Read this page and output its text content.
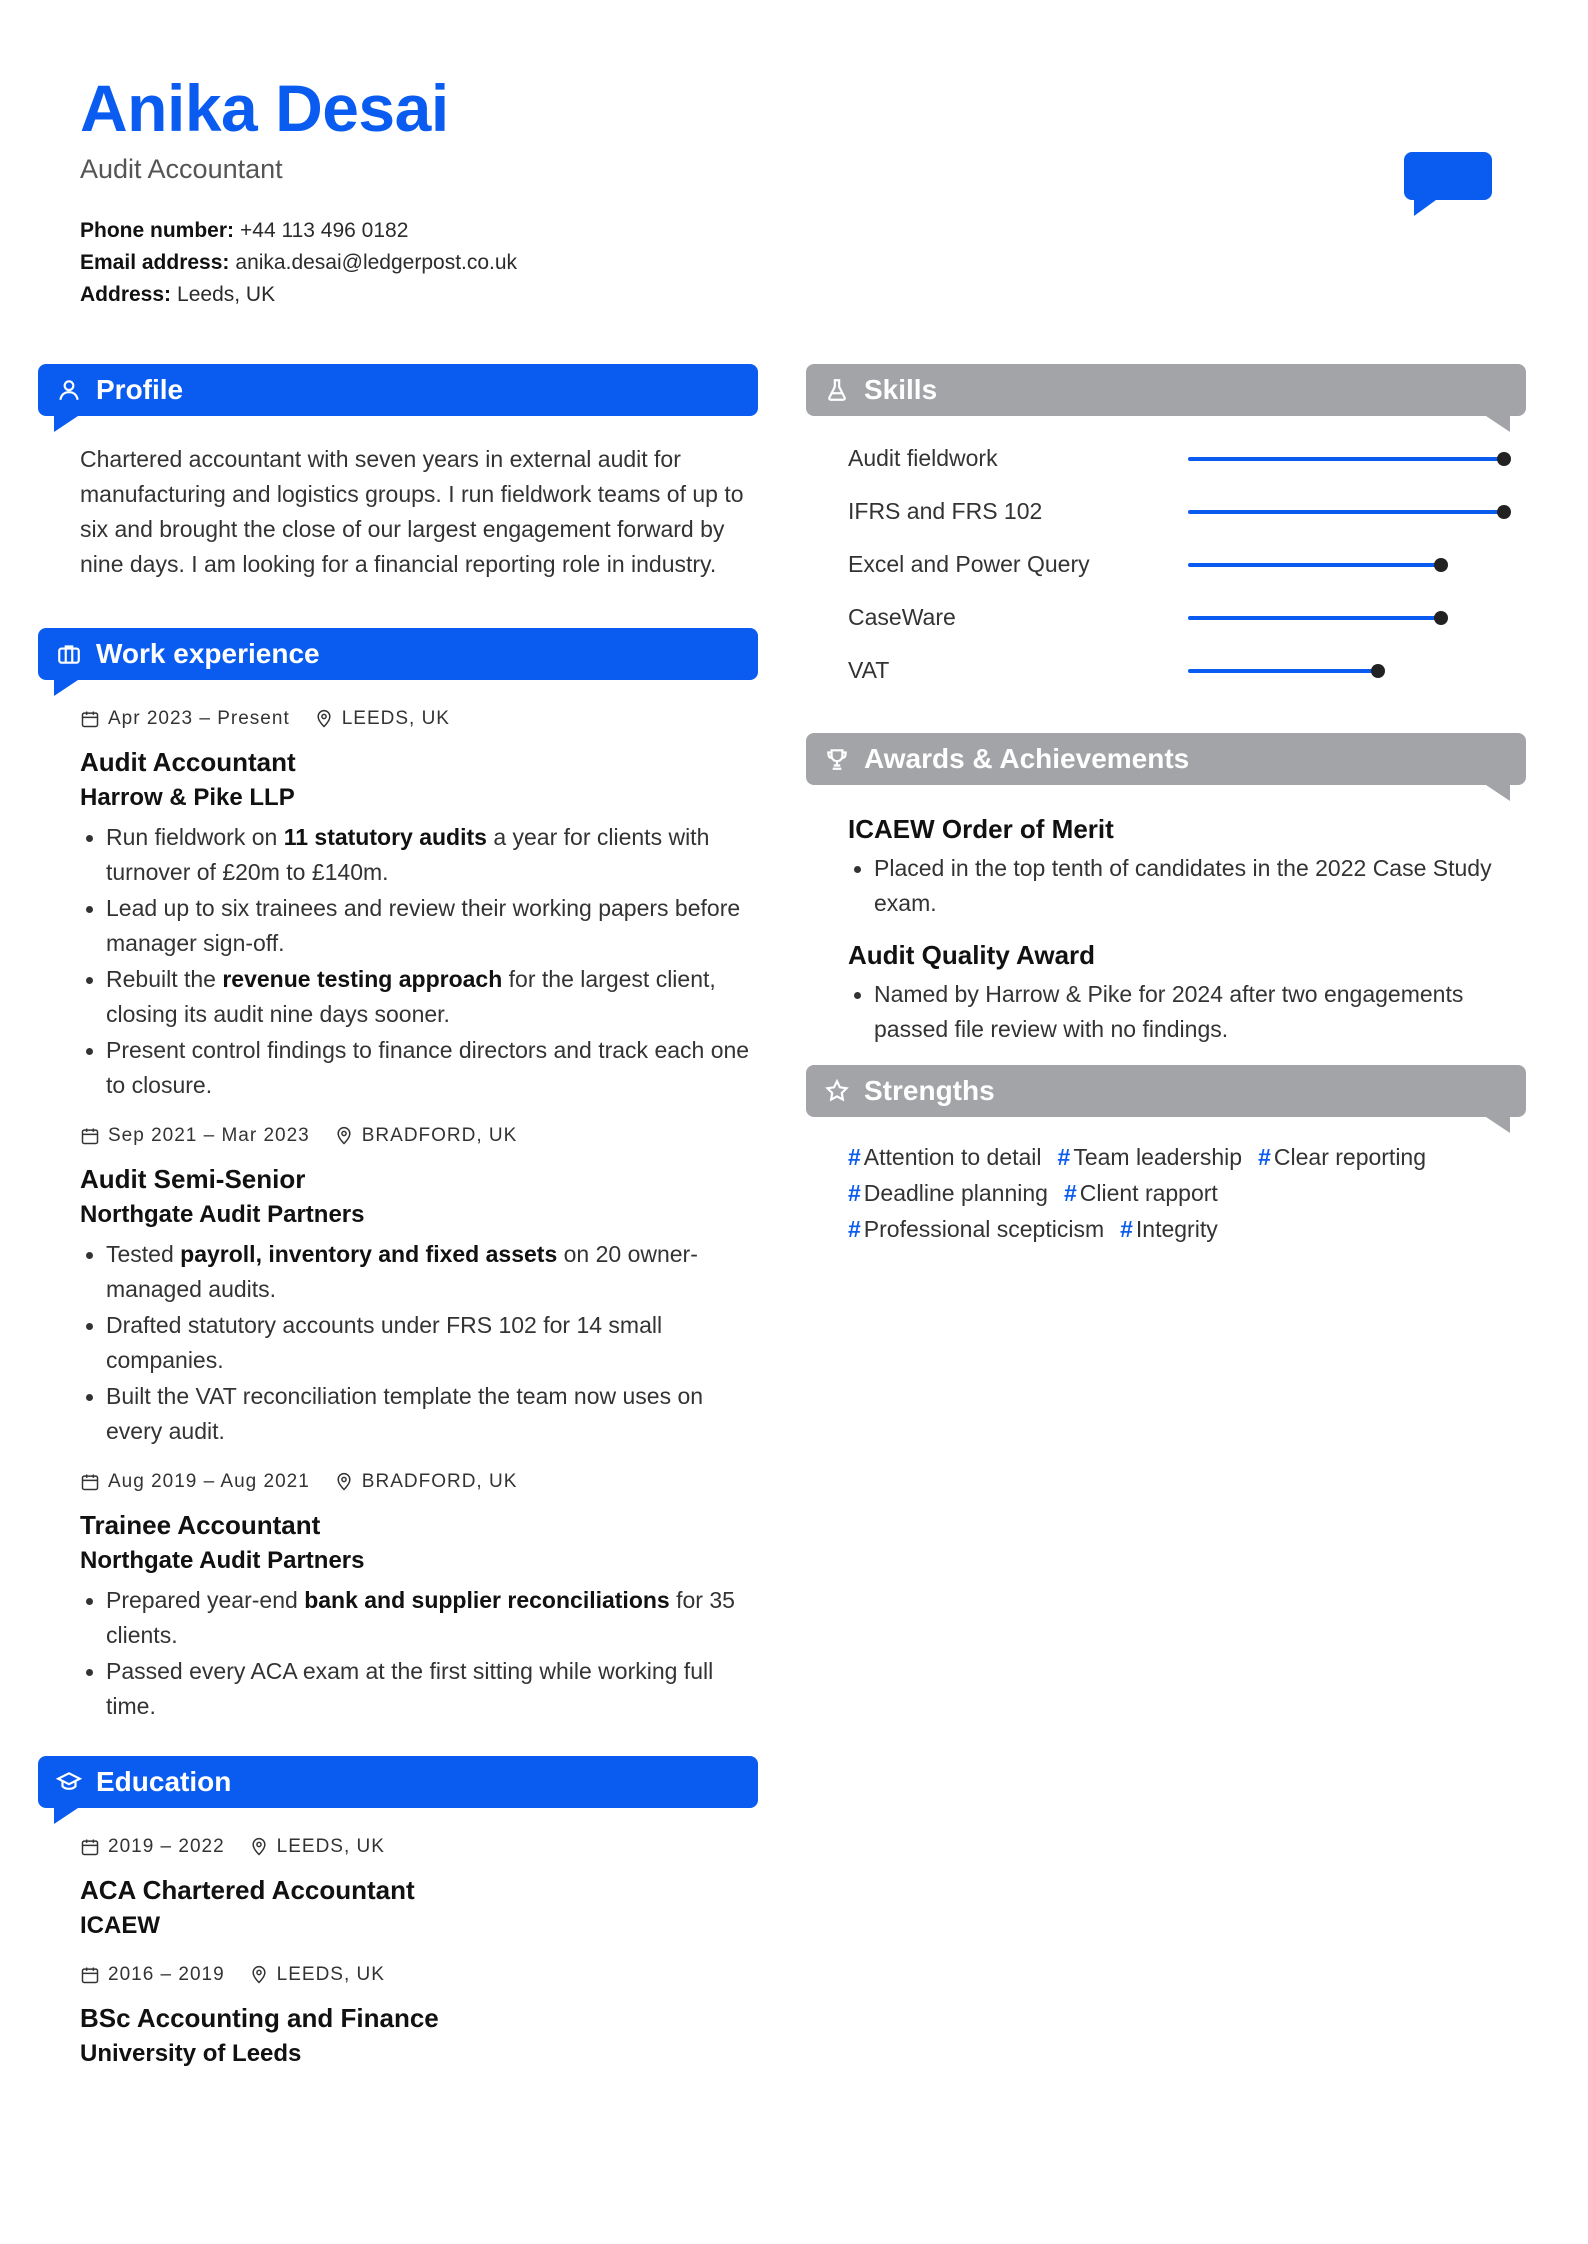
Anika Desai
Audit Accountant
Phone number: +44 113 496 0182
Email address: anika.desai@ledgerpost.co.uk
Address: Leeds, UK
Profile
Chartered accountant with seven years in external audit for manufacturing and logistics groups. I run fieldwork teams of up to six and brought the close of our largest engagement forward by nine days. I am looking for a financial reporting role in industry.
Work experience
Apr 2023 – Present	LEEDS, UK
Audit Accountant
Harrow & Pike LLP
Run fieldwork on 11 statutory audits a year for clients with turnover of £20m to £140m.
Lead up to six trainees and review their working papers before manager sign-off.
Rebuilt the revenue testing approach for the largest client, closing its audit nine days sooner.
Present control findings to finance directors and track each one to closure.
Sep 2021 – Mar 2023	BRADFORD, UK
Audit Semi-Senior
Northgate Audit Partners
Tested payroll, inventory and fixed assets on 20 owner-managed audits.
Drafted statutory accounts under FRS 102 for 14 small companies.
Built the VAT reconciliation template the team now uses on every audit.
Aug 2019 – Aug 2021	BRADFORD, UK
Trainee Accountant
Northgate Audit Partners
Prepared year-end bank and supplier reconciliations for 35 clients.
Passed every ACA exam at the first sitting while working full time.
Education
2019 – 2022	LEEDS, UK
ACA Chartered Accountant
ICAEW
2016 – 2019	LEEDS, UK
BSc Accounting and Finance
University of Leeds
Skills
Audit fieldwork
IFRS and FRS 102
Excel and Power Query
CaseWare
VAT
Awards & Achievements
ICAEW Order of Merit
Placed in the top tenth of candidates in the 2022 Case Study exam.
Audit Quality Award
Named by Harrow & Pike for 2024 after two engagements passed file review with no findings.
Strengths
# Attention to detail # Team leadership # Clear reporting
# Deadline planning # Client rapport
# Professional scepticism # Integrity
